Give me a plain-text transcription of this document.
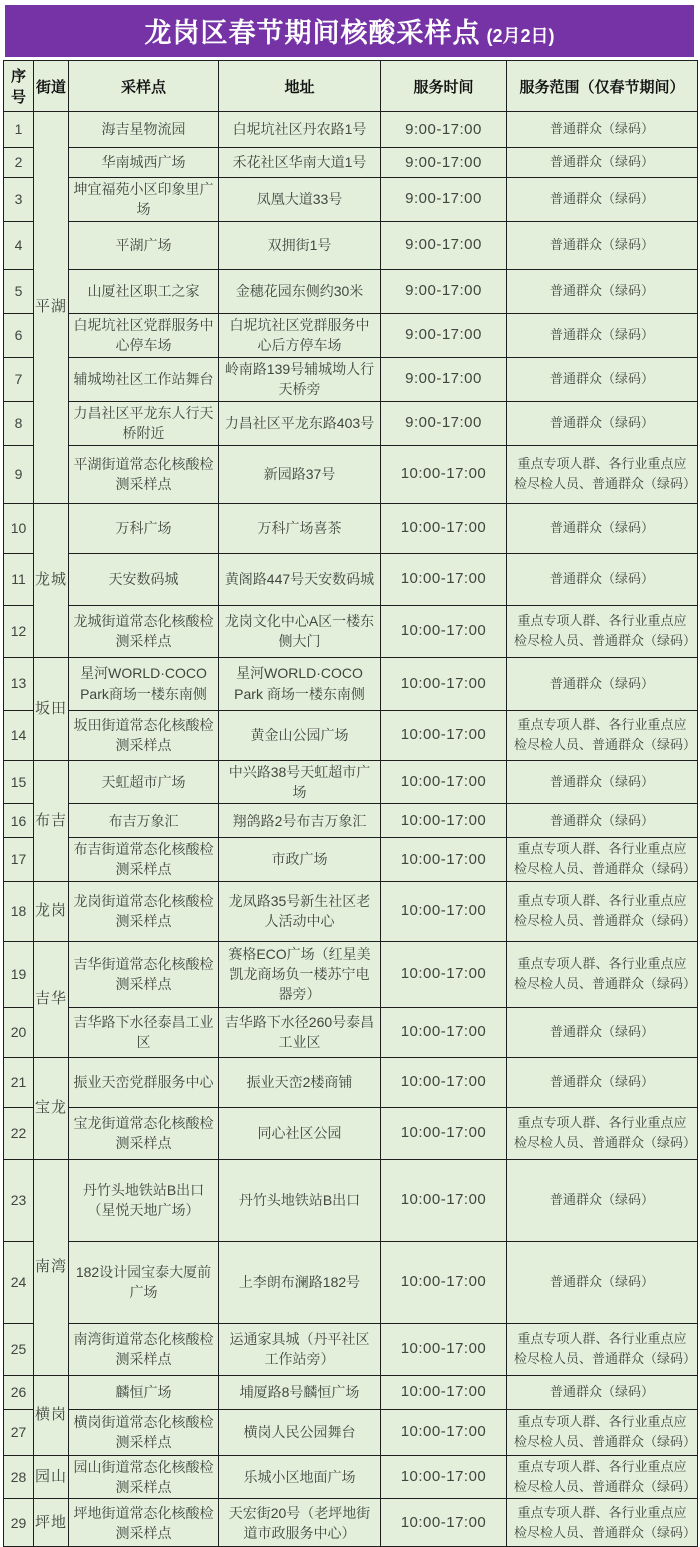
龙岗区春节期间核酸采样点 (2月2日)
序号	街道	采样点	地址	服务时间	服务范围（仅春节期间）
1	平湖	海吉星物流园	白坭坑社区丹农路1号	9:00-17:00	普通群众（绿码）
2		华南城西广场	禾花社区华南大道1号	9:00-17:00	普通群众（绿码）
3		坤宜福苑小区印象里广场	凤凰大道33号	9:00-17:00	普通群众（绿码）
4		平湖广场	双拥街1号	9:00-17:00	普通群众（绿码）
5		山厦社区职工之家	金穗花园东侧约30米	9:00-17:00	普通群众（绿码）
6		白坭坑社区党群服务中心停车场	白坭坑社区党群服务中心后方停车场	9:00-17:00	普通群众（绿码）
7		辅城坳社区工作站舞台	岭南路139号辅城坳人行天桥旁	9:00-17:00	普通群众（绿码）
8		力昌社区平龙东人行天桥附近	力昌社区平龙东路403号	9:00-17:00	普通群众（绿码）
9		平湖街道常态化核酸检测采样点	新园路37号	10:00-17:00	重点专项人群、各行业重点应检尽检人员、普通群众（绿码）
10	龙城	万科广场	万科广场喜茶	10:00-17:00	普通群众（绿码）
11		天安数码城	黄阁路447号天安数码城	10:00-17:00	普通群众（绿码）
12		龙城街道常态化核酸检测采样点	龙岗文化中心A区一楼东侧大门	10:00-17:00	重点专项人群、各行业重点应检尽检人员、普通群众（绿码）
13	坂田	星河WORLD·COCO Park商场一楼东南侧	星河WORLD·COCO Park 商场一楼东南侧	10:00-17:00	普通群众（绿码）
14		坂田街道常态化核酸检测采样点	黄金山公园广场	10:00-17:00	重点专项人群、各行业重点应检尽检人员、普通群众（绿码）
15	布吉	天虹超市广场	中兴路38号天虹超市广场	10:00-17:00	普通群众（绿码）
16		布吉万象汇	翔鸽路2号布吉万象汇	10:00-17:00	普通群众（绿码）
17		布吉街道常态化核酸检测采样点	市政广场	10:00-17:00	重点专项人群、各行业重点应检尽检人员、普通群众（绿码）
18	龙岗	龙岗街道常态化核酸检测采样点	龙凤路35号新生社区老人活动中心	10:00-17:00	重点专项人群、各行业重点应检尽检人员、普通群众（绿码）
19	吉华	吉华街道常态化核酸检测采样点	赛格ECO广场（红星美凯龙商场负一楼苏宁电器旁）	10:00-17:00	重点专项人群、各行业重点应检尽检人员、普通群众（绿码）
20		吉华路下水径泰昌工业区	吉华路下水径260号泰昌工业区	10:00-17:00	普通群众（绿码）
21	宝龙	振业天峦党群服务中心	振业天峦2楼商铺	10:00-17:00	普通群众（绿码）
22		宝龙街道常态化核酸检测采样点	同心社区公园	10:00-17:00	重点专项人群、各行业重点应检尽检人员、普通群众（绿码）
23	南湾	丹竹头地铁站B出口（星悦天地广场）	丹竹头地铁站B出口	10:00-17:00	普通群众（绿码）
24		182设计园宝泰大厦前广场	上李朗布澜路182号	10:00-17:00	普通群众（绿码）
25		南湾街道常态化核酸检测采样点	运通家具城（丹平社区工作站旁）	10:00-17:00	重点专项人群、各行业重点应检尽检人员、普通群众（绿码）
26	横岗	麟恒广场	埔厦路8号麟恒广场	10:00-17:00	普通群众（绿码）
27		横岗街道常态化核酸检测采样点	横岗人民公园舞台	10:00-17:00	重点专项人群、各行业重点应检尽检人员、普通群众（绿码）
28	园山	园山街道常态化核酸检测采样点	乐城小区地面广场	10:00-17:00	重点专项人群、各行业重点应检尽检人员、普通群众（绿码）
29	坪地	坪地街道常态化核酸检测采样点	天宏街20号（老坪地街道市政服务中心）	10:00-17:00	重点专项人群、各行业重点应检尽检人员、普通群众（绿码）
